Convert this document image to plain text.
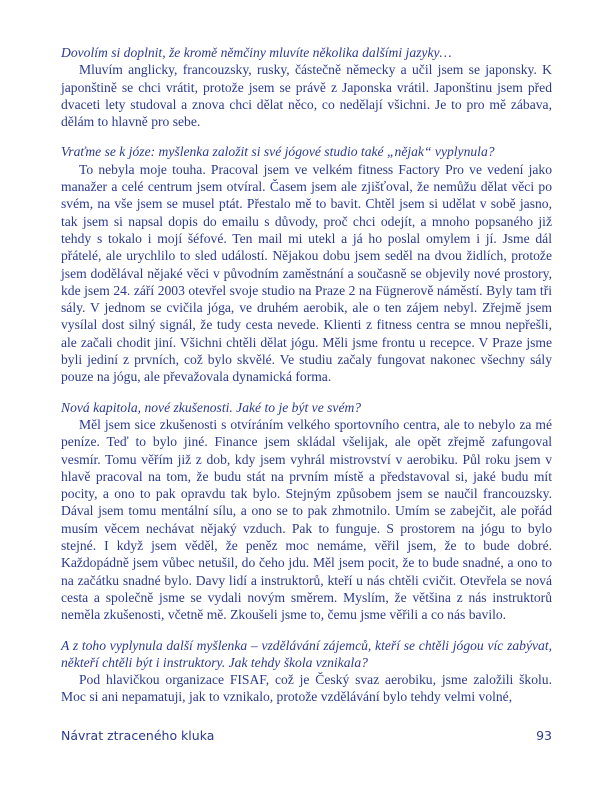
Dovolím si doplnit, že kromě němčiny mluvíte několika dalšími jazyky…

Mluvím anglicky, francouzsky, rusky, částečně německy a učil jsem se japonsky. K japonštině se chci vrátit, protože jsem se právě z Japonska vrátil. Japonštinu jsem před dvaceti lety studoval a znova chci dělat něco, co nedělají všichni. Je to pro mě zábava, dělám to hlavně pro sebe.

Vraťme se k józe: myšlenka založit si své jógové studio také „nějak“ vyplynula?

To nebyla moje touha. Pracoval jsem ve velkém fitness Factory Pro ve vedení jako manažer a celé centrum jsem otvíral. Časem jsem ale zjišťoval, že nemůžu dělat věci po svém, na vše jsem se musel ptát. Přestalo mě to bavit. Chtěl jsem si udělat v sobě jasno, tak jsem si napsal dopis do emailu s důvody, proč chci odejít, a mnoho popsaného již tehdy s tokalo i mojí šéfové. Ten mail mi utekl a já ho poslal omylem i jí. Jsme dál přátelé, ale urychlilo to sled událostí. Nějakou dobu jsem seděl na dvou židlích, protože jsem dodělával nějaké věci v původním zaměstnání a současně se objevily nové prostory, kde jsem 24. září 2003 otevřel svoje studio na Praze 2 na Fügnerově náměstí. Byly tam tři sály. V jednom se cvičila jóga, ve druhém aerobik, ale o ten zájem nebyl. Zřejmě jsem vysílal dost silný signál, že tudy cesta nevede. Klienti z fitness centra se mnou nepřešli, ale začali chodit jiní. Všichni chtěli dělat jógu. Měli jsme frontu u recepce. V Praze jsme byli jediní z prvních, což bylo skvělé. Ve studiu začaly fungovat nakonec všechny sály pouze na jógu, ale převažovala dynamická forma.

Nová kapitola, nové zkušenosti. Jaké to je být ve svém?

Měl jsem sice zkušenosti s otvíráním velkého sportovního centra, ale to nebylo za mé peníze. Teď to bylo jiné. Finance jsem skládal všelijak, ale opět zřejmě zafungoval vesmír. Tomu věřím již z dob, kdy jsem vyhrál mistrovství v aerobiku. Půl roku jsem v hlavě pracoval na tom, že budu stát na prvním místě a představoval si, jaké budu mít pocity, a ono to pak opravdu tak bylo. Stejným způsobem jsem se naučil francouzsky. Dával jsem tomu mentální sílu, a ono se to pak zhmotnilo. Umím se zabejčit, ale pořád musím věcem nechávat nějaký vzduch. Pak to funguje. S prostorem na jógu to bylo stejné. I když jsem věděl, že peněz moc nemáme, věřil jsem, že to bude dobré. Každopádně jsem vůbec netušil, do čeho jdu. Měl jsem pocit, že to bude snadné, a ono to na začátku snadné bylo. Davy lidí a instruktorů, kteří u nás chtěli cvičit. Otevřela se nová cesta a společně jsme se vydali novým směrem. Myslím, že většina z nás instruktorů neměla zkušenosti, včetně mě. Zkoušeli jsme to, čemu jsme věřili a co nás bavilo.

A z toho vyplynula další myšlenka – vzdělávání zájemců, kteří se chtěli jógou víc zabývat, někteří chtěli být i instruktory. Jak tehdy škola vznikala?

Pod hlavičkou organizace FISAF, což je Český svaz aerobiku, jsme založili školu. Moc si ani nepamatuji, jak to vznikalo, protože vzdělávání bylo tehdy velmi volné,

Návrat ztraceného kluka	93
